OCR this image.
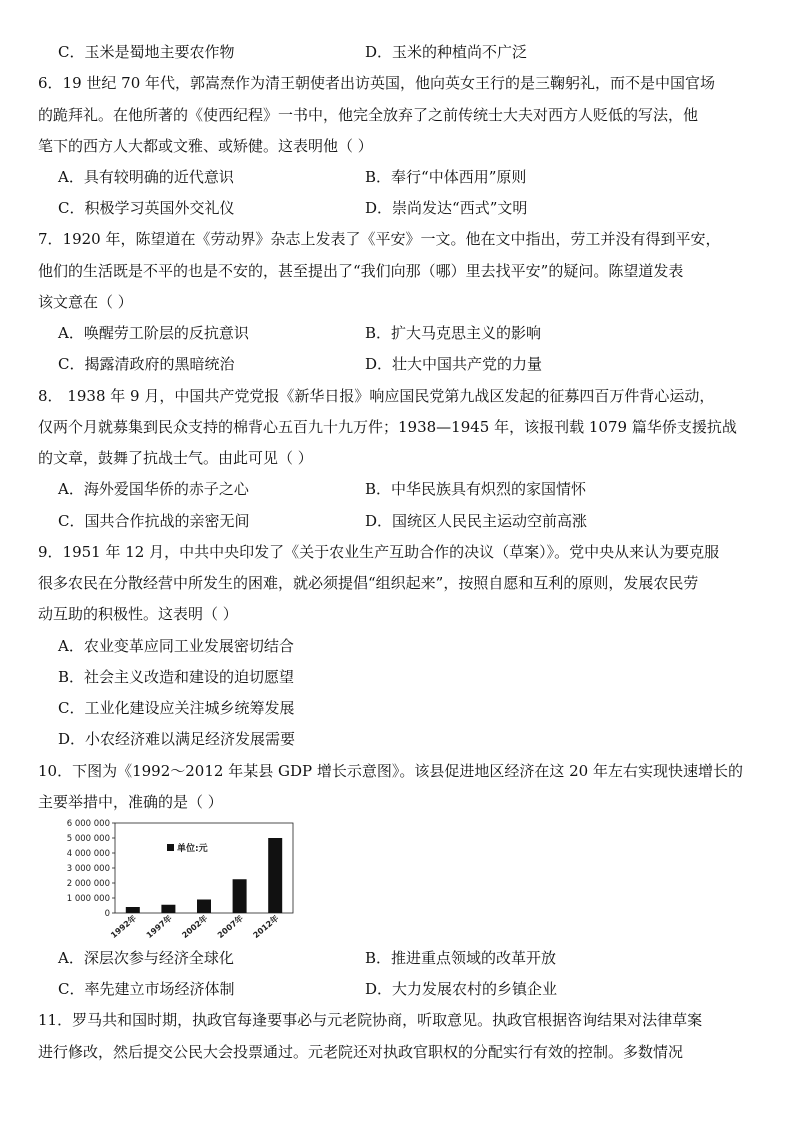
C．玉米是蜀地主要农作物	D．玉米的种植尚不广泛
6．19 世纪 70 年代，郭嵩焘作为清王朝使者出访英国，他向英女王行的是三鞠躬礼，而不是中国官场
的跪拜礼。在他所著的《使西纪程》一书中，他完全放弃了之前传统士大夫对西方人贬低的写法，他
笔下的西方人大都或文雅、或矫健。这表明他（ ）
A．具有较明确的近代意识	B．奉行“中体西用”原则
C．积极学习英国外交礼仪	D．崇尚发达“西式”文明
7．1920 年，陈望道在《劳动界》杂志上发表了《平安》一文。他在文中指出，劳工并没有得到平安，
他们的生活既是不平的也是不安的，甚至提出了“我们向那（哪）里去找平安”的疑问。陈望道发表
该文意在（ ）
A．唤醒劳工阶层的反抗意识	B．扩大马克思主义的影响
C．揭露清政府的黑暗统治	D．壮大中国共产党的力量
8． 1938 年 9 月，中国共产党党报《新华日报》响应国民党第九战区发起的征募四百万件背心运动，
仅两个月就募集到民众支持的棉背心五百九十九万件；1938—1945 年，该报刊载 1079 篇华侨支援抗战
的文章，鼓舞了抗战士气。由此可见（ ）
A．海外爱国华侨的赤子之心	B．中华民族具有炽烈的家国情怀
C．国共合作抗战的亲密无间	D．国统区人民民主运动空前高涨
9．1951 年 12 月，中共中央印发了《关于农业生产互助合作的决议（草案）》。党中央从来认为要克服
很多农民在分散经营中所发生的困难，就必须提倡“组织起来”，按照自愿和互利的原则，发展农民劳
动互助的积极性。这表明（ ）
A．农业变革应同工业发展密切结合
B．社会主义改造和建设的迫切愿望
C．工业化建设应关注城乡统筹发展
D．小农经济难以满足经济发展需要
10．下图为《1992～2012 年某县 GDP 增长示意图》。该县促进地区经济在这 20 年左右实现快速增长的
主要举措中，准确的是（ ）
6 000 000
5 000 000
4 000 000
3 000 000
2 000 000
1 000 000
0 1992年 1997年 2002年 2007年 2012年
单位:元
A．深层次参与经济全球化	B．推进重点领域的改革开放
C．率先建立市场经济体制	D．大力发展农村的乡镇企业
11．罗马共和国时期，执政官每逢要事必与元老院协商，听取意见。执政官根据咨询结果对法律草案
进行修改，然后提交公民大会投票通过。元老院还对执政官职权的分配实行有效的控制。多数情况
